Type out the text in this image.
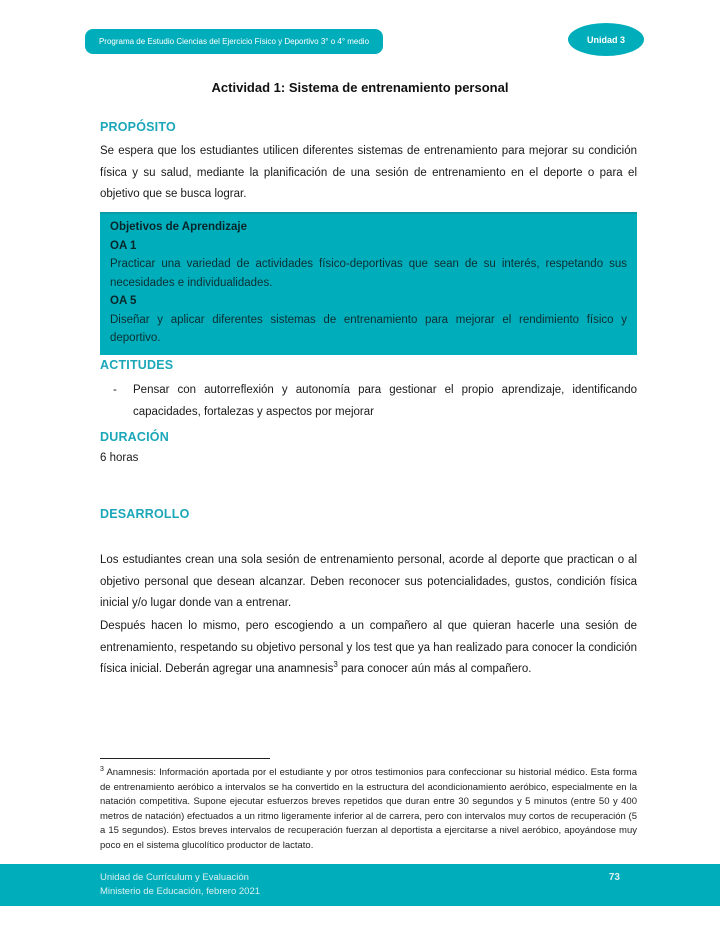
Programa de Estudio Ciencias del Ejercicio Físico y Deportivo 3° o 4° medio	Unidad 3
Actividad 1: Sistema de entrenamiento personal
PROPÓSITO
Se espera que los estudiantes utilicen diferentes sistemas de entrenamiento para mejorar su condición física y su salud, mediante la planificación de una sesión de entrenamiento en el deporte o para el objetivo que se busca lograr.
Objetivos de Aprendizaje
OA 1
Practicar una variedad de actividades físico-deportivas que sean de su interés, respetando sus necesidades e individualidades.
OA 5
Diseñar y aplicar diferentes sistemas de entrenamiento para mejorar el rendimiento físico y deportivo.
ACTITUDES
-	Pensar con autorreflexión y autonomía para gestionar el propio aprendizaje, identificando capacidades, fortalezas y aspectos por mejorar
DURACIÓN
6 horas
DESARROLLO
Los estudiantes crean una sola sesión de entrenamiento personal, acorde al deporte que practican o al objetivo personal que desean alcanzar. Deben reconocer sus potencialidades, gustos, condición física inicial y/o lugar donde van a entrenar.
Después hacen lo mismo, pero escogiendo a un compañero al que quieran hacerle una sesión de entrenamiento, respetando su objetivo personal y los test que ya han realizado para conocer la condición física inicial. Deberán agregar una anamnesis$^3$ para conocer aún más al compañero.
$^3$ Anamnesis: Información aportada por el estudiante y por otros testimonios para confeccionar su historial médico. Esta forma de entrenamiento aeróbico a intervalos se ha convertido en la estructura del acondicionamiento aeróbico, especialmente en la natación competitiva. Supone ejecutar esfuerzos breves repetidos que duran entre 30 segundos y 5 minutos (entre 50 y 400 metros de natación) efectuados a un ritmo ligeramente inferior al de carrera, pero con intervalos muy cortos de recuperación (5 a 15 segundos). Estos breves intervalos de recuperación fuerzan al deportista a ejercitarse a nivel aeróbico, apoyándose muy poco en el sistema glucolítico productor de lactato.
Unidad de Currículum y Evaluación
Ministerio de Educación, febrero 2021
73
